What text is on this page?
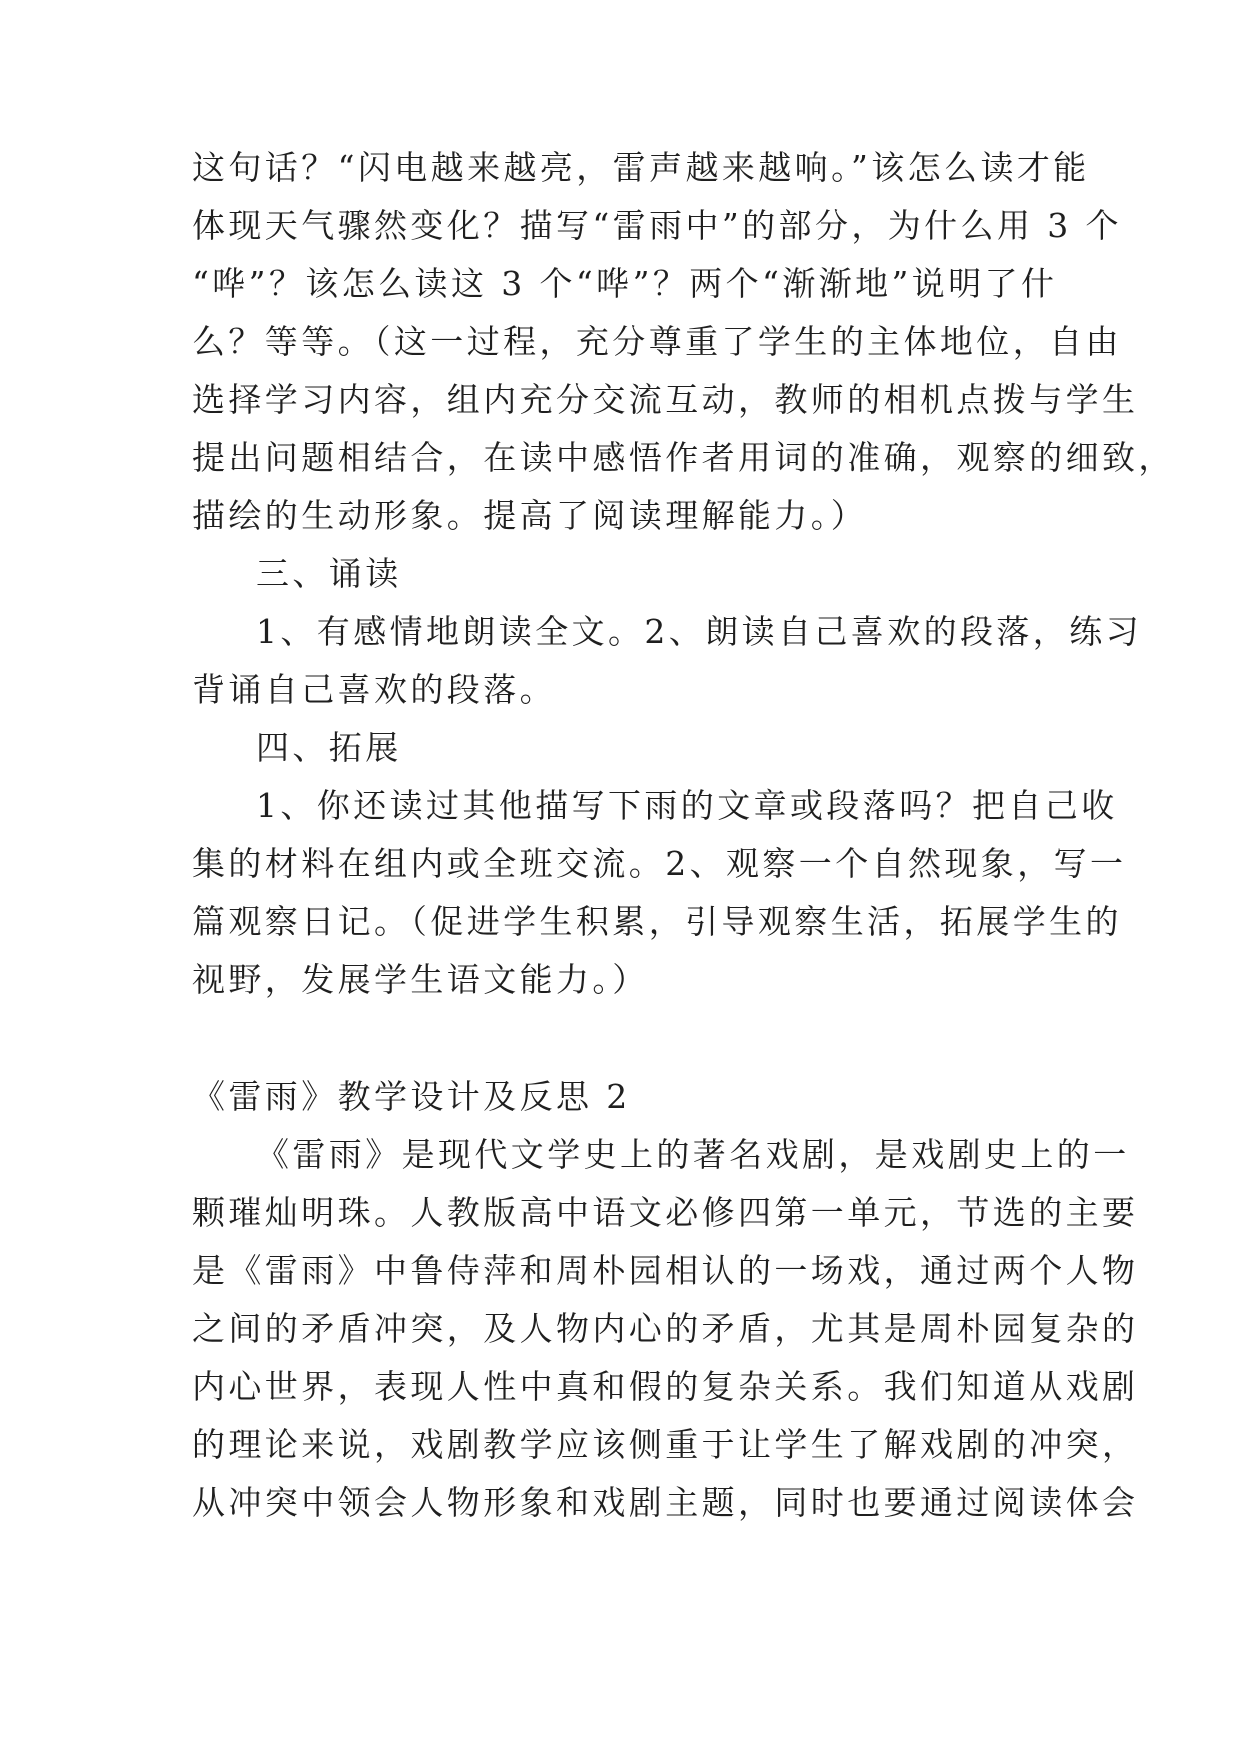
这句话？“闪电越来越亮，雷声越来越响。”该怎么读才能
体现天气骤然变化？描写“雷雨中”的部分，为什么用 3 个
“哗”？该怎么读这 3 个“哗”？两个“渐渐地”说明了什
么？等等。（这一过程，充分尊重了学生的主体地位，自由
选择学习内容，组内充分交流互动，教师的相机点拨与学生
提出问题相结合，在读中感悟作者用词的准确，观察的细致，
描绘的生动形象。提高了阅读理解能力。）
三、诵读
1、有感情地朗读全文。2、朗读自己喜欢的段落，练习
背诵自己喜欢的段落。
四、拓展
1、你还读过其他描写下雨的文章或段落吗？把自己收
集的材料在组内或全班交流。2、观察一个自然现象，写一
篇观察日记。（促进学生积累，引导观察生活，拓展学生的
视野，发展学生语文能力。）
《雷雨》教学设计及反思 2
《雷雨》是现代文学史上的著名戏剧，是戏剧史上的一
颗璀灿明珠。人教版高中语文必修四第一单元，节选的主要
是《雷雨》中鲁侍萍和周朴园相认的一场戏，通过两个人物
之间的矛盾冲突，及人物内心的矛盾，尤其是周朴园复杂的
内心世界，表现人性中真和假的复杂关系。我们知道从戏剧
的理论来说，戏剧教学应该侧重于让学生了解戏剧的冲突，
从冲突中领会人物形象和戏剧主题，同时也要通过阅读体会
